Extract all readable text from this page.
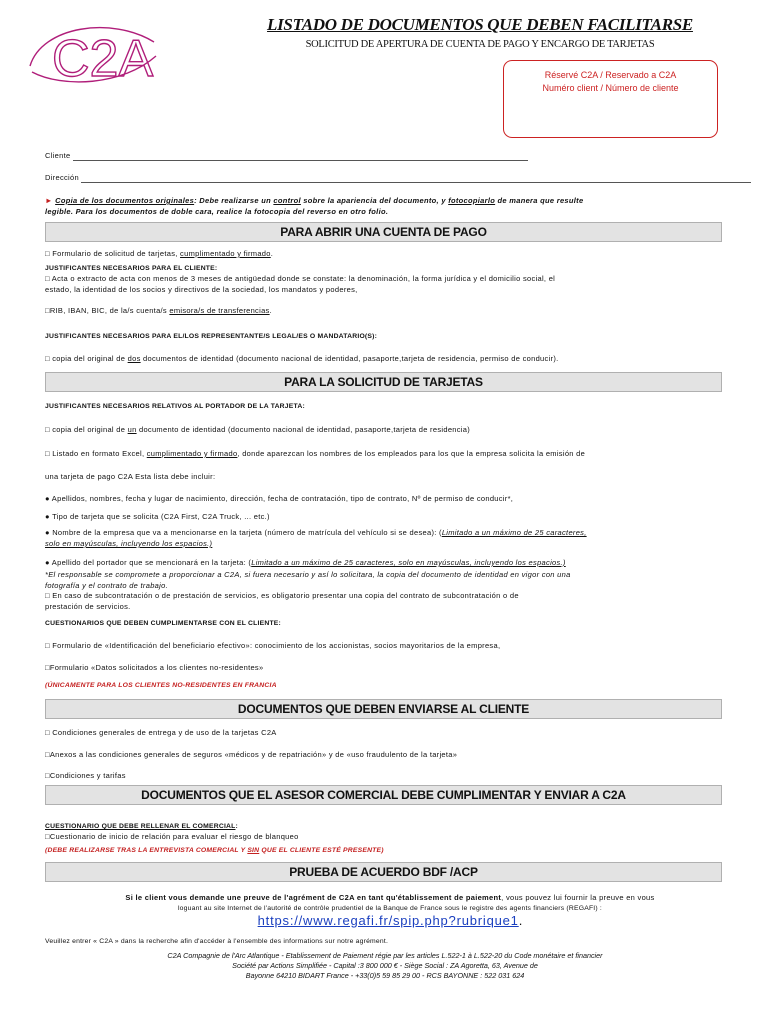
C2A
LISTADO DE DOCUMENTOS QUE DEBEN FACILITARSE
SOLICITUD DE APERTURA DE CUENTA DE PAGO Y ENCARGO DE TARJETAS
Réservé C2A / Reservado a C2A
Numéro client / Número de cliente
Cliente
Dirección
► Copia de los documentos originales: Debe realizarse un control sobre la apariencia del documento, y fotocopiarlo de manera que resulte
legible. Para los documentos de doble cara, realice la fotocopia del reverso en otro folio.
PARA ABRIR UNA CUENTA DE PAGO
□ Formulario de solicitud de tarjetas, cumplimentado y firmado.
JUSTIFICANTES NECESARIOS PARA EL CLIENTE:
□ Acta o extracto de acta con menos de 3 meses de antigüedad donde se constate: la denominación, la forma jurídica y el domicilio social, el
estado, la identidad de los socios y directivos de la sociedad, los mandatos y poderes,
□RIB, IBAN, BIC, de la/s cuenta/s emisora/s de transferencias.
JUSTIFICANTES NECESARIOS PARA EL/LOS REPRESENTANTE/S LEGAL/ES O MANDATARIO(S):
□ copia del original de dos documentos de identidad (documento nacional de identidad, pasaporte,tarjeta de residencia, permiso de conducir).
PARA LA SOLICITUD DE TARJETAS
JUSTIFICANTES NECESARIOS RELATIVOS AL PORTADOR DE LA TARJETA:
□ copia del original de un documento de identidad (documento nacional de identidad, pasaporte,tarjeta de residencia)
□ Listado en formato Excel, cumplimentado y firmado, donde aparezcan los nombres de los empleados para los que la empresa solicita la emisión de
una tarjeta de pago C2A Esta lista debe incluir:
● Apellidos, nombres, fecha y lugar de nacimiento, dirección, fecha de contratación, tipo de contrato, Nº de permiso de conducir*,
● Tipo de tarjeta que se solicita (C2A First, C2A Truck, ... etc.)
● Nombre de la empresa que va a mencionarse en la tarjeta (número de matrícula del vehículo si se desea): (Limitado a un máximo de 25 caracteres,
solo en mayúsculas, incluyendo los espacios.)
● Apellido del portador que se mencionará en la tarjeta: (Limitado a un máximo de 25 caracteres, solo en mayúsculas, incluyendo los espacios.)
*El responsable se compromete a proporcionar a C2A, si fuera necesario y así lo solicitara, la copia del documento de identidad en vigor con una
fotografía y el contrato de trabajo.
□ En caso de subcontratación o de prestación de servicios, es obligatorio presentar una copia del contrato de subcontratación o de
prestación de servicios.
CUESTIONARIOS QUE DEBEN CUMPLIMENTARSE CON EL CLIENTE:
□ Formulario de «Identificación del beneficiario efectivo»: conocimiento de los accionistas, socios mayoritarios de la empresa,
□Formulario «Datos solicitados a los clientes no-residentes»
(ÚNICAMENTE PARA LOS CLIENTES NO-RESIDENTES EN FRANCIA
DOCUMENTOS QUE DEBEN ENVIARSE AL CLIENTE
□ Condiciones generales de entrega y de uso de la tarjetas C2A
□Anexos a las condiciones generales de seguros «médicos y de repatriación» y de «uso fraudulento de la tarjeta»
□Condiciones y tarifas
DOCUMENTOS QUE EL ASESOR COMERCIAL DEBE CUMPLIMENTAR Y ENVIAR A C2A
CUESTIONARIO QUE DEBE RELLENAR EL COMERCIAL:
□Cuestionario de inicio de relación para evaluar el riesgo de blanqueo
(DEBE REALIZARSE TRAS LA ENTREVISTA COMERCIAL Y SIN QUE EL CLIENTE ESTÉ PRESENTE)
PRUEBA DE ACUERDO BDF /ACP
Si le client vous demande une preuve de l'agrément de C2A en tant qu'établissement de paiement, vous pouvez lui fournir la preuve en vous
loguant au site Internet de l'autorité de contrôle prudentiel de la Banque de France sous le registre des agents financiers (REGAFI) :
https://www.regafi.fr/spip.php?rubrique1.
Veuillez entrer « C2A » dans la recherche afin d'accéder à l'ensemble des informations sur notre agrément.
C2A Compagnie de l'Arc Atlantique - Etablissement de Paiement régie par les articles L.522-1 à L.522-20 du Code monétaire et financier
Société par Actions Simplifiée - Capital :3 800 000 € - Siège Social : ZA Agoretta, 63, Avenue de
Bayonne 64210 BIDART France - +33(0)5 59 85 29 00 - RCS BAYONNE : 522 031 624
